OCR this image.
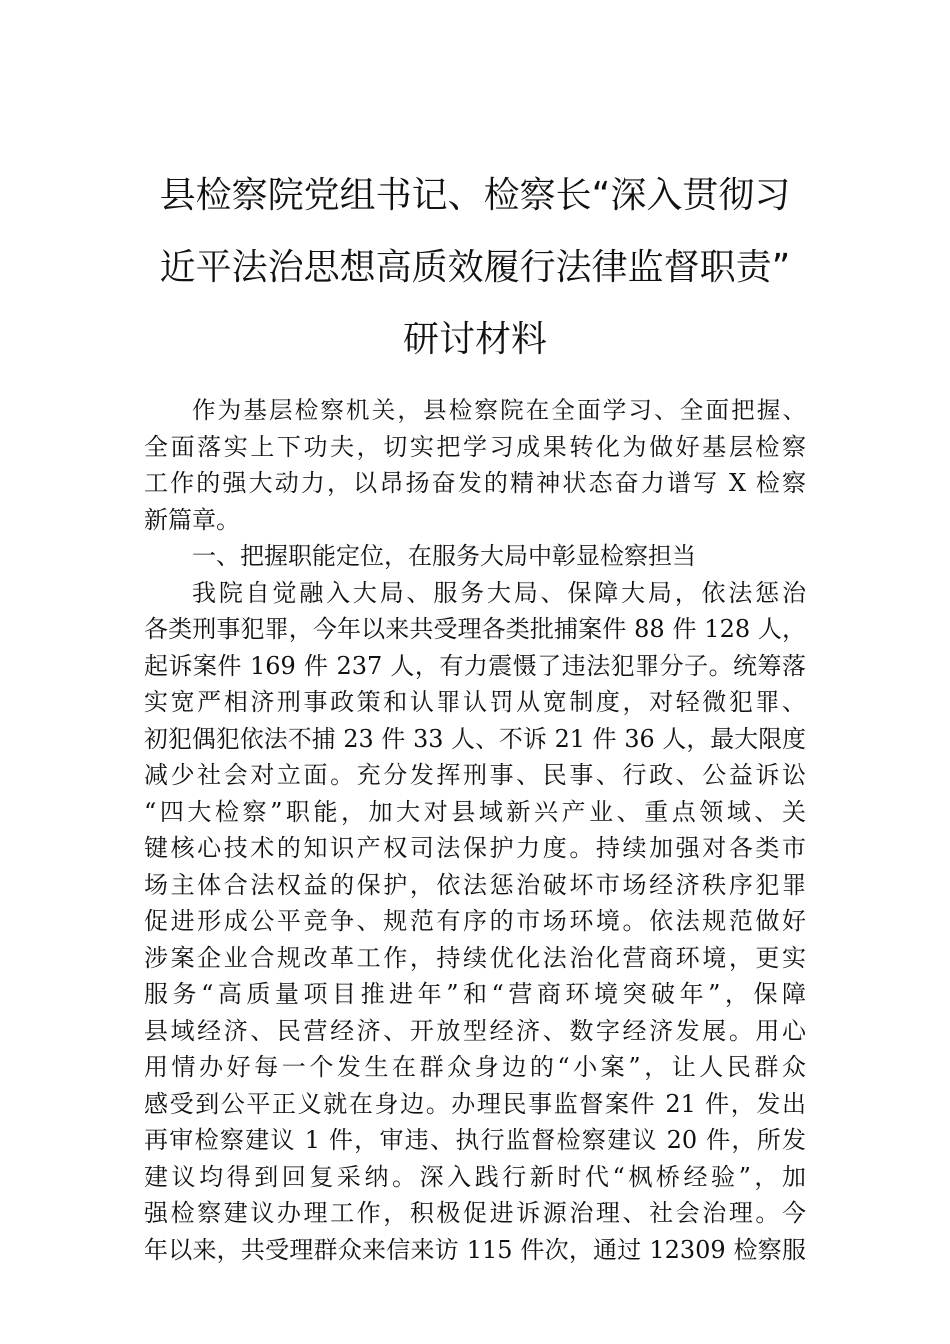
县检察院党组书记、检察长“深入贯彻习
近平法治思想高质效履行法律监督职责”
研讨材料

作为基层检察机关，县检察院在全面学习、全面把握、
全面落实上下功夫，切实把学习成果转化为做好基层检察
工作的强大动力，以昂扬奋发的精神状态奋力谱写 X 检察
新篇章。

一、把握职能定位，在服务大局中彰显检察担当

我院自觉融入大局、服务大局、保障大局，依法惩治
各类刑事犯罪，今年以来共受理各类批捕案件 88 件 128 人，
起诉案件 169 件 237 人，有力震慑了违法犯罪分子。统筹落
实宽严相济刑事政策和认罪认罚从宽制度，对轻微犯罪、
初犯偶犯依法不捕 23 件 33 人、不诉 21 件 36 人，最大限度
减少社会对立面。充分发挥刑事、民事、行政、公益诉讼
“四大检察”职能，加大对县域新兴产业、重点领域、关
键核心技术的知识产权司法保护力度。持续加强对各类市
场主体合法权益的保护，依法惩治破坏市场经济秩序犯罪
促进形成公平竞争、规范有序的市场环境。依法规范做好
涉案企业合规改革工作，持续优化法治化营商环境，更实
服务“高质量项目推进年”和“营商环境突破年”，保障
县域经济、民营经济、开放型经济、数字经济发展。用心
用情办好每一个发生在群众身边的“小案”，让人民群众
感受到公平正义就在身边。办理民事监督案件 21 件，发出
再审检察建议 1 件，审违、执行监督检察建议 20 件，所发
建议均得到回复采纳。深入践行新时代“枫桥经验”，加
强检察建议办理工作，积极促进诉源治理、社会治理。今
年以来，共受理群众来信来访 115 件次，通过 12309 检察服
